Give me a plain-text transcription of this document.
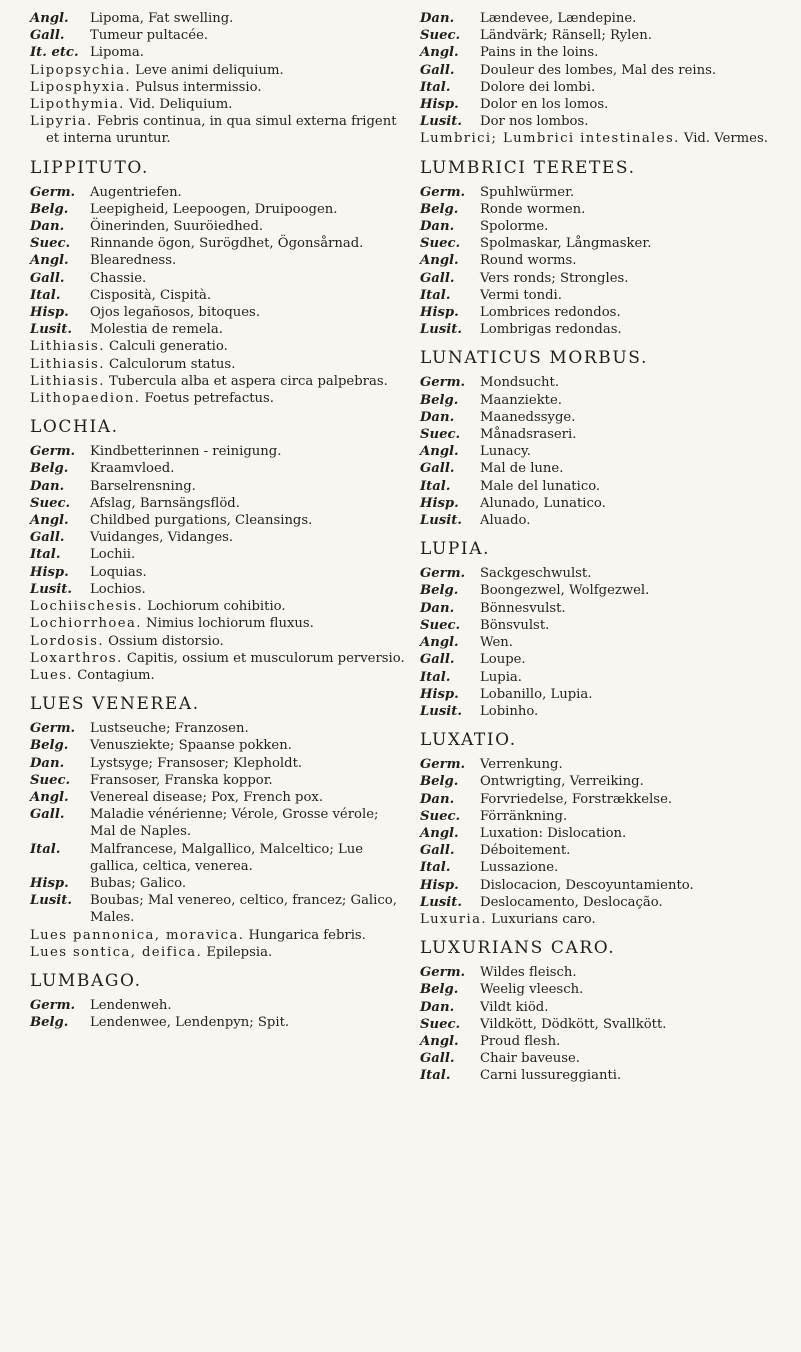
Angl.	Lipoma, Fat swelling.
Gall.	Tumeur pultacée.
It. etc. Lipoma.
Lipopsychia. Leve animi deliquium.
Liposphyxia. Pulsus intermissio.
Lipothymia. Vid. Deliquium.
Lipyria. Febris continua, in qua simul externa frigent et interna uruntur.
LIPPITUTO.
Germ.	Augentriefen.
Belg.	Leepigheid, Leepoogen, Druipoogen.
Dan.	Öinerinden, Suuröiedhed.
Suec.	Rinnande ögon, Surögdhet, Ögonsårnad.
Angl.	Blearedness.
Gall.	Chassie.
Ital.	Cisposità, Cispità.
Hisp.	Ojos legañosos, bitoques.
Lusit.	Molestia de remela.
Lithiasis. Calculi generatio.
Lithiasis. Calculorum status.
Lithiasis. Tubercula alba et aspera circa palpebras.
Lithopaedion. Foetus petrefactus.
LOCHIA.
Germ.	Kindbetterinnen - reinigung.
Belg.	Kraamvloed.
Dan.	Barselrensning.
Suec.	Afslag, Barnsängsflöd.
Angl.	Childbed purgations, Cleansings.
Gall.	Vuidanges, Vidanges.
Ital.	Lochii.
Hisp.	Loquias.
Lusit.	Lochios.
Lochiischesis. Lochiorum cohibitio.
Lochiorrhoea. Nimius lochiorum fluxus.
Lordosis. Ossium distorsio.
Loxarthros. Capitis, ossium et musculorum perversio.
Lues. Contagium.
LUES VENEREA.
Germ.	Lustseuche; Franzosen.
Belg.	Venusziekte; Spaanse pokken.
Dan.	Lystsyge; Fransoser; Klepholdt.
Suec.	Fransoser, Franska koppor.
Angl.	Venereal disease; Pox, French pox.
Gall.	Maladie vénérienne; Vérole, Grosse vérole; Mal de Naples.
Ital.	Malfrancese, Malgallico, Malceltico; Lue gallica, celtica, venerea.
Hisp.	Bubas; Galico.
Lusit.	Boubas; Mal venereo, celtico, francez; Galico, Males.
Lues pannonica, moravica. Hungarica febris.
Lues sontica, deifica. Epilepsia.
LUMBAGO.
Germ.	Lendenweh.
Belg.	Lendenwee, Lendenpyn; Spit.
Dan.	Lændevee, Lændepine.
Suec.	Ländvärk; Ränsell; Rylen.
Angl.	Pains in the loins.
Gall.	Douleur des lombes, Mal des reins.
Ital.	Dolore dei lombi.
Hisp.	Dolor en los lomos.
Lusit.	Dor nos lombos.
Lumbrici; Lumbrici intestinales. Vid. Vermes.
LUMBRICI TERETES.
Germ.	Spuhlwürmer.
Belg.	Ronde wormen.
Dan.	Spolorme.
Suec.	Spolmaskar, Långmasker.
Angl.	Round worms.
Gall.	Vers ronds; Strongles.
Ital.	Vermi tondi.
Hisp.	Lombrices redondos.
Lusit.	Lombrigas redondas.
LUNATICUS MORBUS.
Germ.	Mondsucht.
Belg.	Maanziekte.
Dan.	Maanedssyge.
Suec.	Månadsraseri.
Angl.	Lunacy.
Gall.	Mal de lune.
Ital.	Male del lunatico.
Hisp.	Alunado, Lunatico.
Lusit.	Aluado.
LUPIA.
Germ.	Sackgeschwulst.
Belg.	Boongezwel, Wolfgezwel.
Dan.	Bönnesvulst.
Suec.	Bönsvulst.
Angl.	Wen.
Gall.	Loupe.
Ital.	Lupia.
Hisp.	Lobanillo, Lupia.
Lusit.	Lobinho.
LUXATIO.
Germ.	Verrenkung.
Belg.	Ontwrigting, Verreiking.
Dan.	Forvriedelse, Forstrækkelse.
Suec.	Förränkning.
Angl.	Luxation: Dislocation.
Gall.	Déboitement.
Ital.	Lussazione.
Hisp.	Dislocacion, Descoyuntamiento.
Lusit.	Deslocamento, Deslocação.
Luxuria. Luxurians caro.
LUXURIANS CARO.
Germ.	Wildes fleisch.
Belg.	Weelig vleesch.
Dan.	Vildt kiöd.
Suec.	Vildkött, Dödkött, Svallkött.
Angl.	Proud flesh.
Gall.	Chair baveuse.
Ital.	Carni lussureggianti.
